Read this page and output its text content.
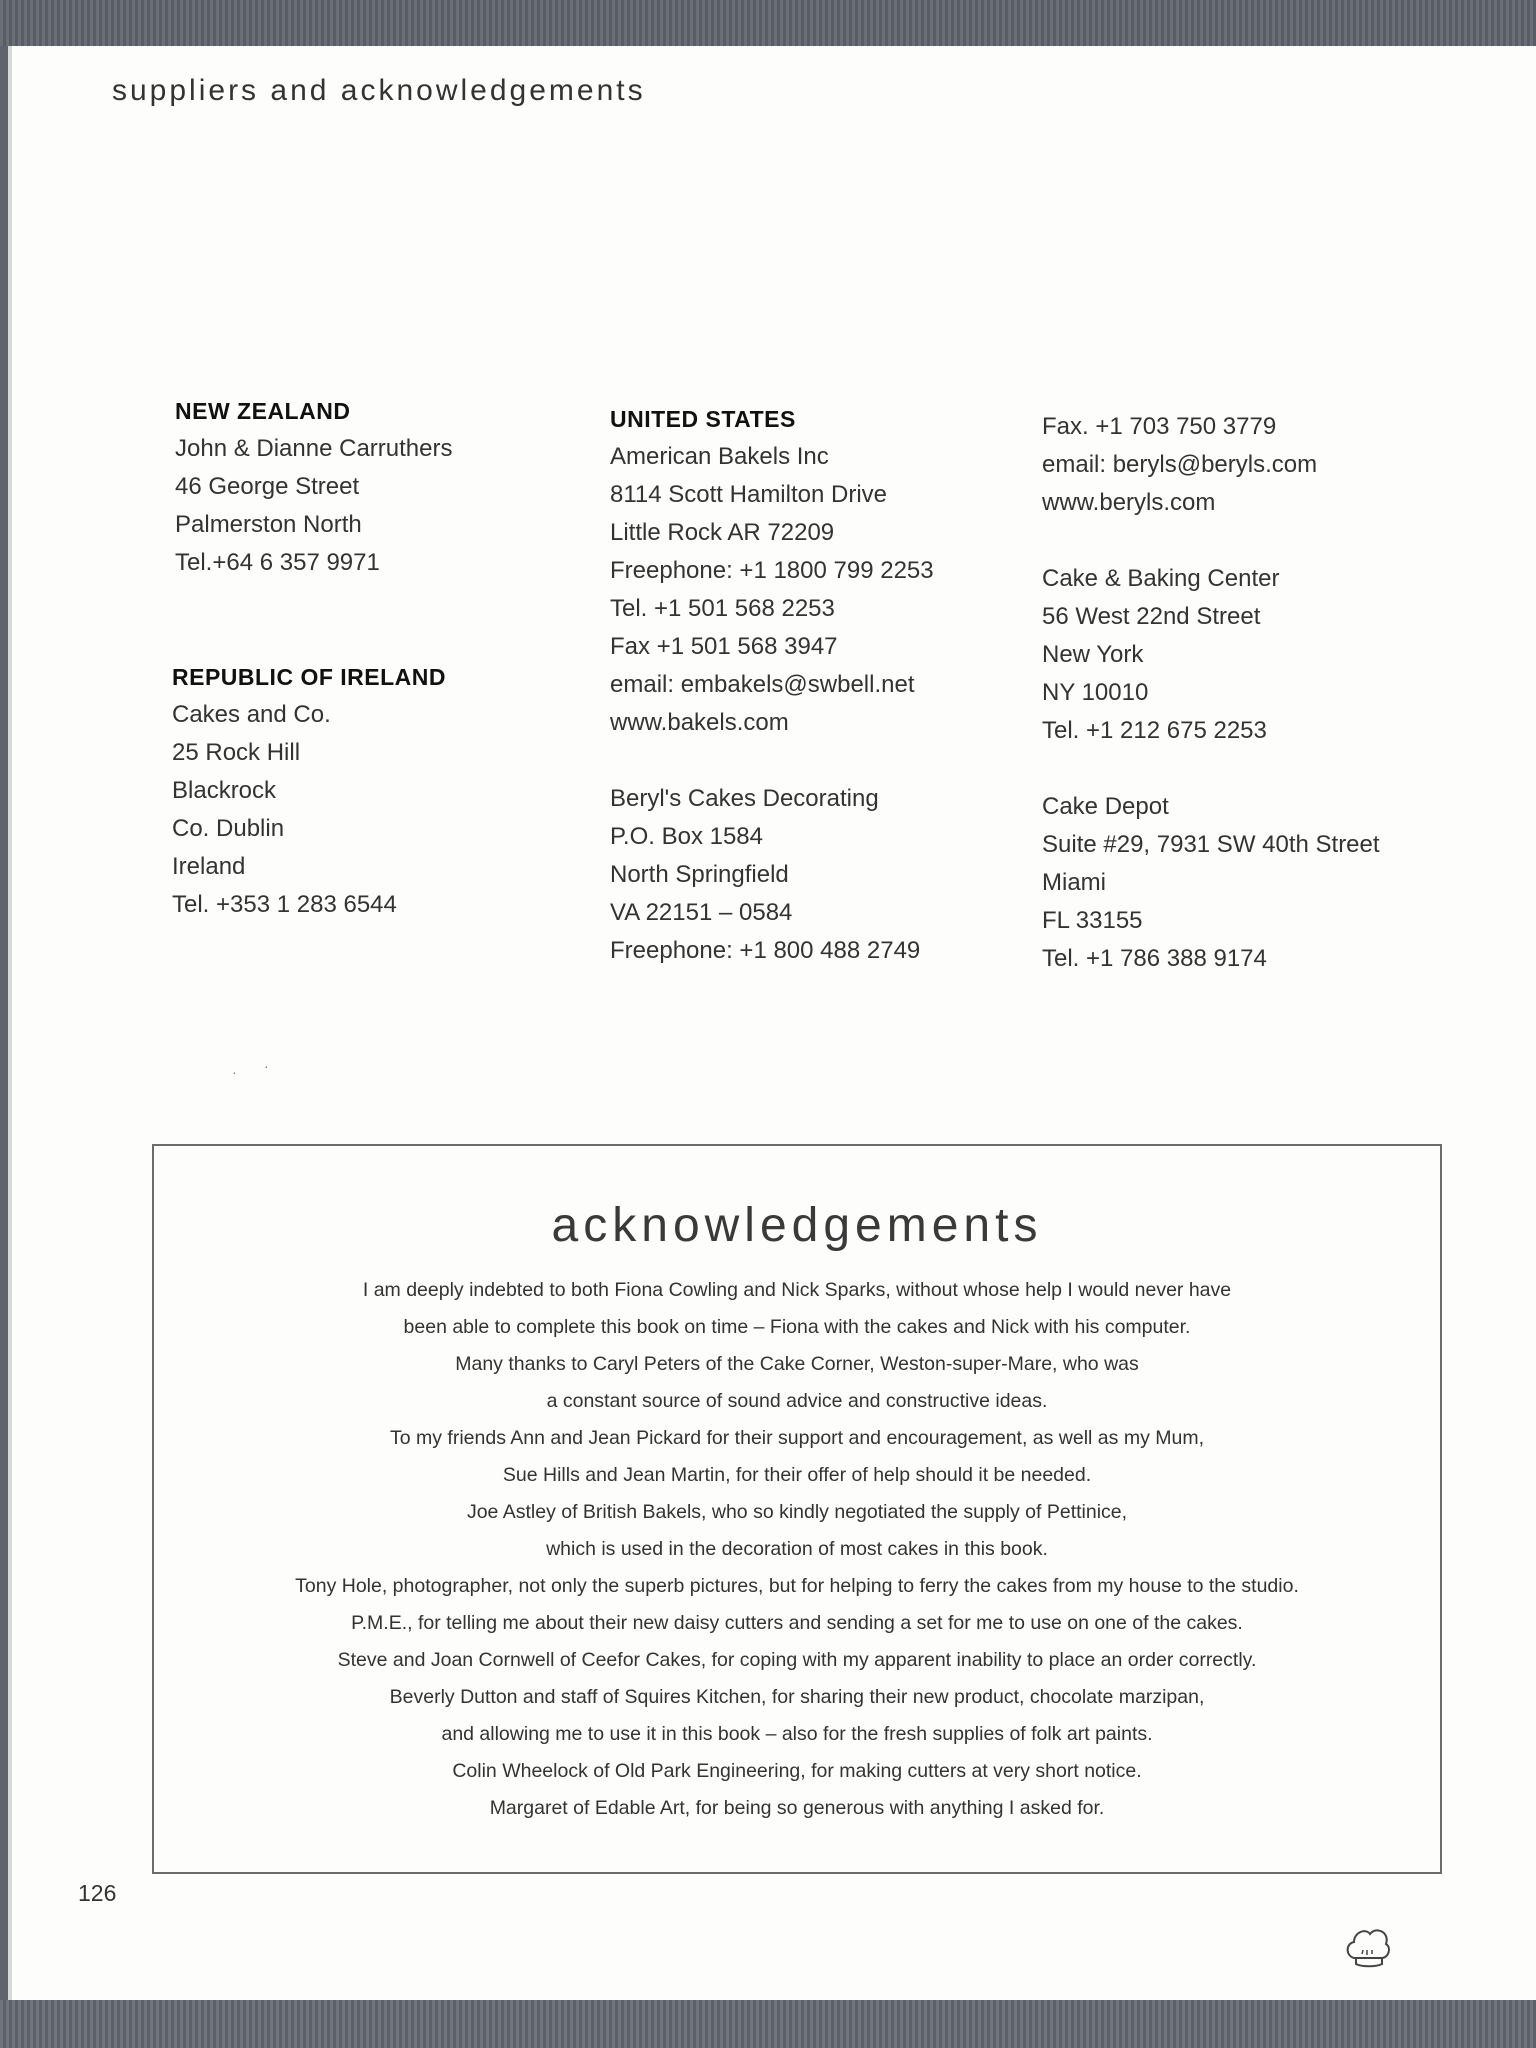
suppliers and acknowledgements
NEW ZEALAND
John & Dianne Carruthers
46 George Street
Palmerston North
Tel.+64 6 357 9971
REPUBLIC OF IRELAND
Cakes and Co.
25 Rock Hill
Blackrock
Co. Dublin
Ireland
Tel. +353 1 283 6544
UNITED STATES
American Bakels Inc
8114 Scott Hamilton Drive
Little Rock AR 72209
Freephone: +1 1800 799 2253
Tel. +1 501 568 2253
Fax +1 501 568 3947
email: embakels@swbell.net
www.bakels.com
Beryl's Cakes Decorating
P.O. Box 1584
North Springfield
VA 22151 – 0584
Freephone: +1 800 488 2749
Fax. +1 703 750 3779
email: beryls@beryls.com
www.beryls.com
Cake & Baking Center
56 West 22nd Street
New York
NY 10010
Tel. +1 212 675 2253
Cake Depot
Suite #29, 7931 SW 40th Street
Miami
FL 33155
Tel. +1 786 388 9174
· ·
acknowledgements
I am deeply indebted to both Fiona Cowling and Nick Sparks, without whose help I would never have
been able to complete this book on time – Fiona with the cakes and Nick with his computer.
Many thanks to Caryl Peters of the Cake Corner, Weston-super-Mare, who was
a constant source of sound advice and constructive ideas.
To my friends Ann and Jean Pickard for their support and encouragement, as well as my Mum,
Sue Hills and Jean Martin, for their offer of help should it be needed.
Joe Astley of British Bakels, who so kindly negotiated the supply of Pettinice,
which is used in the decoration of most cakes in this book.
Tony Hole, photographer, not only the superb pictures, but for helping to ferry the cakes from my house to the studio.
P.M.E., for telling me about their new daisy cutters and sending a set for me to use on one of the cakes.
Steve and Joan Cornwell of Ceefor Cakes, for coping with my apparent inability to place an order correctly.
Beverly Dutton and staff of Squires Kitchen, for sharing their new product, chocolate marzipan,
and allowing me to use it in this book – also for the fresh supplies of folk art paints.
Colin Wheelock of Old Park Engineering, for making cutters at very short notice.
Margaret of Edable Art, for being so generous with anything I asked for.
126
